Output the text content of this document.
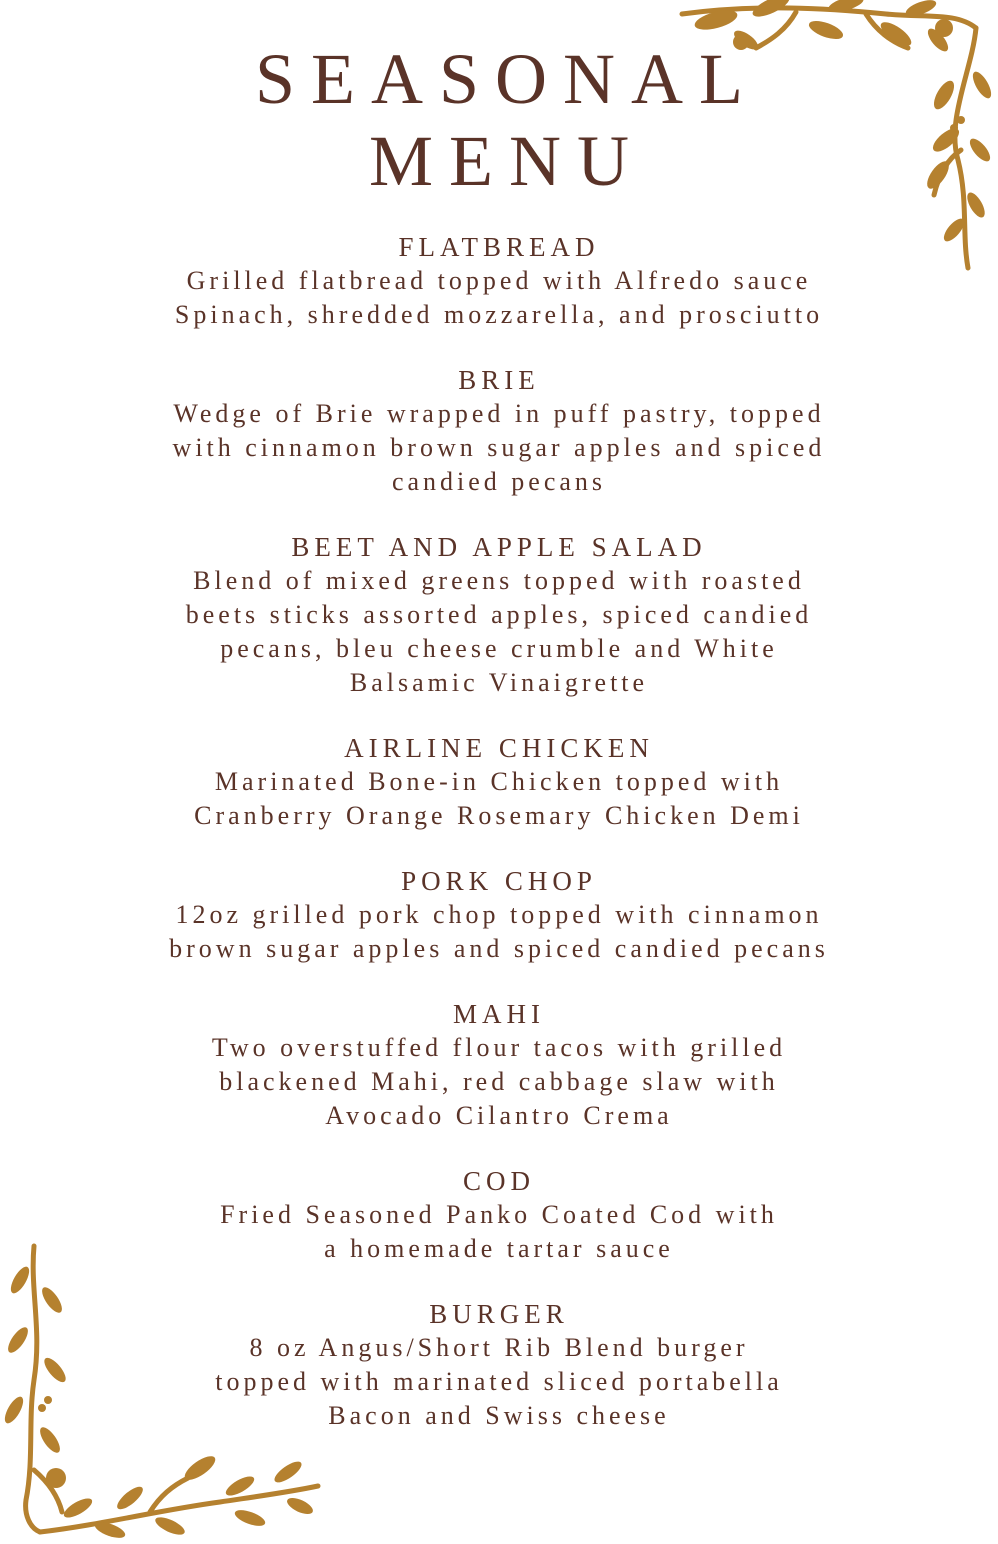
SEASONAL
MENU
FLATBREAD

Grilled flatbread topped with Alfredo sauce
Spinach, shredded mozzarella, and prosciutto

BRIE

Wedge of Brie wrapped in puff pastry, topped
with cinnamon brown sugar apples and spiced
candied pecans

BEET AND APPLE SALAD

Blend of mixed greens topped with roasted
beets sticks assorted apples, spiced candied
pecans, bleu cheese crumble and White
Balsamic Vinaigrette

AIRLINE CHICKEN

Marinated Bone-in Chicken topped with
Cranberry Orange Rosemary Chicken Demi

PORK CHOP

12oz grilled pork chop topped with cinnamon
brown sugar apples and spiced candied pecans

MAHI

Two overstuffed flour tacos with grilled
blackened Mahi, red cabbage slaw with
Avocado Cilantro Crema

COD

Fried Seasoned Panko Coated Cod with
a homemade tartar sauce

BURGER

8 oz Angus/Short Rib Blend burger
topped with marinated sliced portabella
Bacon and Swiss cheese
